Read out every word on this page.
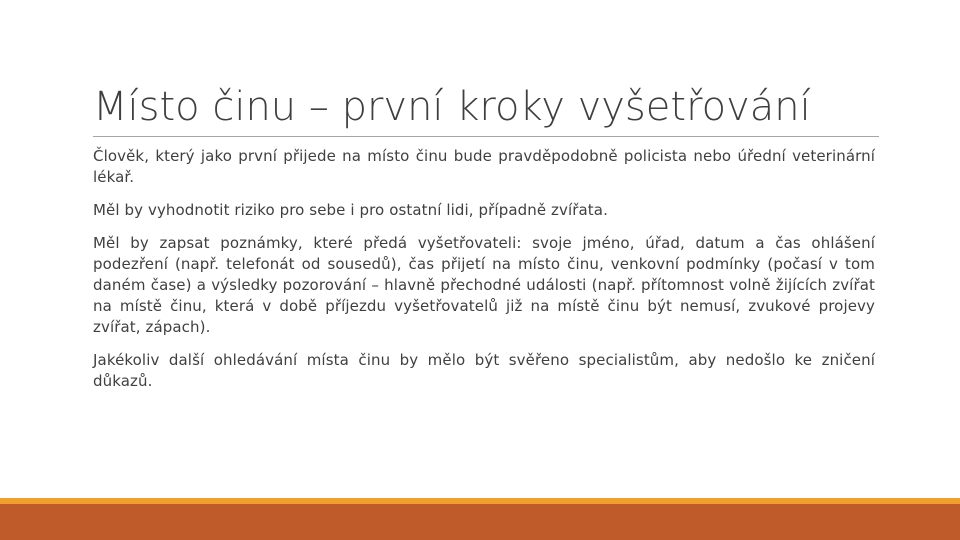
Místo činu – první kroky vyšetřování

Člověk, který jako první přijede na místo činu bude pravděpodobně policista nebo úřední veterinární lékař.

Měl by vyhodnotit riziko pro sebe i pro ostatní lidi, případně zvířata.

Měl by zapsat poznámky, které předá vyšetřovateli: svoje jméno, úřad, datum a čas ohlášení podezření (např. telefonát od sousedů), čas přijetí na místo činu, venkovní podmínky (počasí v tom daném čase) a výsledky pozorování – hlavně přechodné události (např. přítomnost volně žijících zvířat na místě činu, která v době příjezdu vyšetřovatelů již na místě činu být nemusí, zvukové projevy zvířat, zápach).

Jakékoliv další ohledávání místa činu by mělo být svěřeno specialistům, aby nedošlo ke zničení důkazů.
